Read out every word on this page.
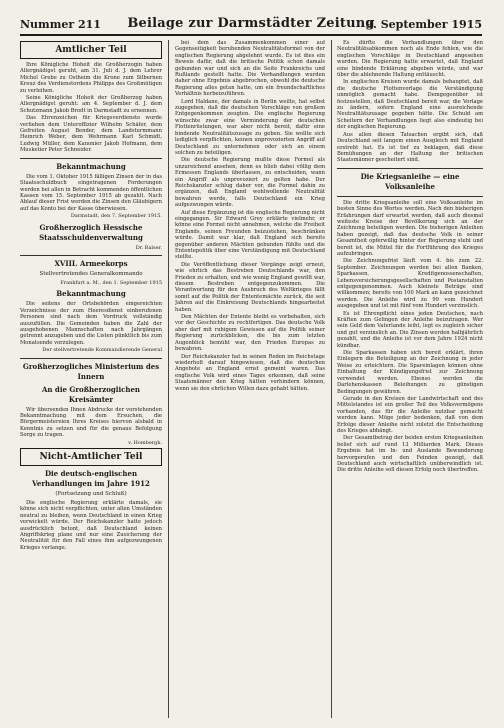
Nummer 211	Beilage zur Darmstädter Zeitung
9. September 1915
Amtlicher Teil

Ihre Königliche Hoheit die Großherzogin haben Allergnädigst geruht, am 31. Juli d. J. dem Lehrer Michel Grebe zu Ostheim die Krone zum Silbernen Kreuz des Verdienstordens Philipps des Großmütigen zu verleihen.

Seine Königliche Hoheit der Großherzog haben Allergnädigst geruht: am 4. September d. J. dem Schutzmann Jakob Brodt in Darmstadt zu ernennen.

Das Ehrenzeichen für Kriegsverdienste wurde verliehen dem Unteroffizier Wilhelm Schäfer, dem Gefreiten August Bender, dem Landsturmmann Heinrich Weber, dem Wehrmann Karl Schmidt, Ludwig Müller, dem Kanonier Jakob Hofmann, dem Musketier Peter Schneider.

Bekanntmachung

Die vom 1. Oktober 1915 fälligen Zinsen der in das Staatsschuldbuch eingetragenen Forderungen werden bei allen in Betracht kommenden öffentlichen Kassen vom 15. September 1915 ab gezahlt. Nach Ablauf dieser Frist werden die Zinsen den Gläubigern auf das Konto bei der Kasse überwiesen.

Darmstadt, den 7. September 1915.
Großherzoglich Hessische Staatsschuldenverwaltung
Dr. Balser.
XVIII. Armeekorps
Stellvertretendes Generalkommando
Frankfurt a. M., den 1. September 1915
Bekanntmachung

Die seitens der Ortsbehörden eingereichten Verzeichnisse der zum Heeresdienst einberufenen Personen sind nach dem Vordruck vollständig auszufüllen. Die Gemeinden haben die Zahl der ausgehobenen Mannschaften nach Jahrgängen getrennt anzugeben und die Listen pünktlich bis zum Monatsende vorzulegen.

Der stellvertretende Kommandierende General
Großherzogliches Ministerium des Innern
An die Großherzoglichen Kreisämter

Wir übersenden Ihnen Abdrucke der vorstehenden Bekanntmachung mit dem Ersuchen, die Bürgermeistereien Ihres Kreises hiervon alsbald in Kenntnis zu setzen und für die genaue Befolgung Sorge zu tragen.

v. Hombergk.
Nicht-Amtlicher Teil
Die deutsch-englischen Verhandlungen im Jahre 1912
(Fortsetzung und Schluß)

Die englische Regierung erklärte damals, sie könne sich nicht verpflichten, unter allen Umständen neutral zu bleiben, wenn Deutschland in einen Krieg verwickelt würde. Der Reichskanzler hatte jedoch ausdrücklich betont, daß Deutschland keinen Angriffskrieg plane und nur eine Zusicherung der Neutralität für den Fall eines ihm aufgezwungenen Krieges verlange.

bei dem das Zusammenkommen einer auf Gegenseitigkeit beruhenden Neutralitätsformel von der englischen Regierung abgelehnt wurde. Es ist dies ein Beweis dafür, daß die britische Politik schon damals gebunden war und sich an die Seite Frankreichs und Rußlands gestellt hatte. Die Verhandlungen wurden daher ohne Ergebnis abgebrochen, obwohl die deutsche Regierung alles getan hatte, um ein freundschaftliches Verhältnis herbeizuführen.

Lord Haldane, der damals in Berlin weilte, hat selbst zugegeben, daß die deutschen Vorschläge von großem Entgegenkommen zeugten. Die englische Regierung wünschte zwar eine Verminderung der deutschen Flottenrüstungen, war aber nicht bereit, dafür eine bindende Neutralitätszusage zu geben. Sie wollte sich lediglich verpflichten, keinen unprovozierten Angriff auf Deutschland zu unternehmen oder sich an einem solchen zu beteiligen.

Die deutsche Regierung mußte diese Formel als unzureichend ansehen, denn es blieb dabei völlig dem Ermessen Englands überlassen, zu entscheiden, wann ein Angriff als unprovoziert zu gelten habe. Der Reichskanzler schlug daher vor, die Formel dahin zu ergänzen, daß England wohlwollende Neutralität bewahren werde, falls Deutschland ein Krieg aufgezwungen würde.

Auf diese Ergänzung ist die englische Regierung nicht eingegangen. Sir Edward Grey erklärte vielmehr, er könne eine Formel nicht annehmen, welche die Freiheit Englands, seinen Freunden beizustehen, beschränken würde. Damit war klar, daß England sich bereits gegenüber anderen Mächten gebunden fühlte und die Ententepolitik über eine Verständigung mit Deutschland stellte.

Die Veröffentlichung dieser Vorgänge zeigt erneut, wie ehrlich das Bestreben Deutschlands war, den Frieden zu erhalten, und wie wenig England gewillt war, diesem Bestreben entgegenzukommen. Die Verantwortung für den Ausbruch des Weltkrieges fällt somit auf die Politik der Ententemächte zurück, die seit Jahren auf die Einkreisung Deutschlands hingearbeitet haben.

Den Mächten der Entente bleibt es vorbehalten, sich vor der Geschichte zu rechtfertigen. Das deutsche Volk aber darf mit ruhigem Gewissen auf die Politik seiner Regierung zurückblicken, die bis zum letzten Augenblick bemüht war, den Frieden Europas zu bewahren.

Der Reichskanzler hat in seinen Reden im Reichstage wiederholt darauf hingewiesen, daß die deutschen Angebote an England ernst gemeint waren. Das englische Volk wird eines Tages erkennen, daß seine Staatsmänner den Krieg hätten verhindern können, wenn sie den ehrlichen Willen dazu gehabt hätten.

Es dürfte die Verhandlungen über den Neutralitätsabkommen noch als Ende fehlen, wie die englischen Vorschläge in Deutschland angesehen wurden. Die Regierung hatte erwartet, daß England eine bindende Erklärung abgeben würde, und war über die ablehnende Haltung enttäuscht.

In englischen Kreisen wurde damals behauptet, daß die deutsche Flottenvorlage die Verständigung unmöglich gemacht habe. Demgegenüber ist festzustellen, daß Deutschland bereit war, die Vorlage zu ändern, sofern England eine ausreichende Neutralitätszusage gegeben hätte. Die Schuld am Scheitern der Verhandlungen liegt also eindeutig bei der englischen Regierung.

Aus allen diesen Tatsachen ergibt sich, daß Deutschland seit langem einen Ausgleich mit England erstrebt hat. Es ist tief zu beklagen, daß diese Bemühungen an der Haltung der britischen Staatsmänner gescheitert sind.

Die Kriegsanleihe — eine Volksanleihe

Die dritte Kriegsanleihe soll eine Volksanleihe im besten Sinne des Wortes werden. Nach den bisherigen Erfahrungen darf erwartet werden, daß auch diesmal weiteste Kreise der Bevölkerung sich an der Zeichnung beteiligen werden. Die bisherigen Anleihen haben gezeigt, daß das deutsche Volk in seiner Gesamtheit opferwillig hinter der Regierung steht und bereit ist, die Mittel für die Fortführung des Krieges aufzubringen.

Die Zeichnungsfrist läuft vom 4. bis zum 22. September. Zeichnungen werden bei allen Banken, Sparkassen, Kreditgenossenschaften, Lebensversicherungsgesellschaften und Postanstalten entgegengenommen. Auch kleinste Beträge sind willkommen; bereits von 100 Mark an kann gezeichnet werden. Die Anleihe wird zu 99 vom Hundert ausgegeben und ist mit fünf vom Hundert verzinslich.

Es ist Ehrenpflicht eines jeden Deutschen, nach Kräften zum Gelingen der Anleihe beizutragen. Wer sein Geld dem Vaterlande leiht, legt es zugleich sicher und gut verzinslich an. Die Zinsen werden halbjährlich gezahlt, und die Anleihe ist vor dem Jahre 1924 nicht kündbar.

Die Sparkassen haben sich bereit erklärt, ihren Einlegern die Beteiligung an der Zeichnung in jeder Weise zu erleichtern. Die Spareinlagen können ohne Einhaltung der Kündigungsfrist zur Zeichnung verwendet werden. Ebenso werden die Darlehenskassen Beleihungen zu günstigen Bedingungen gewähren.

Gerade in den Kreisen der Landwirtschaft und des Mittelstandes ist ein großer Teil des Volksvermögens vorhanden, das für die Anleihe nutzbar gemacht werden kann. Möge jeder bedenken, daß von dem Erfolge dieser Anleihe nicht zuletzt die Entscheidung des Krieges abhängt.

Der Gesamtbetrag der beiden ersten Kriegsanleihen belief sich auf rund 13 Milliarden Mark. Dieses Ergebnis hat im In- und Auslande Bewunderung hervorgerufen und den Feinden gezeigt, daß Deutschland auch wirtschaftlich unüberwindlich ist. Die dritte Anleihe soll diesen Erfolg noch übertreffen.
